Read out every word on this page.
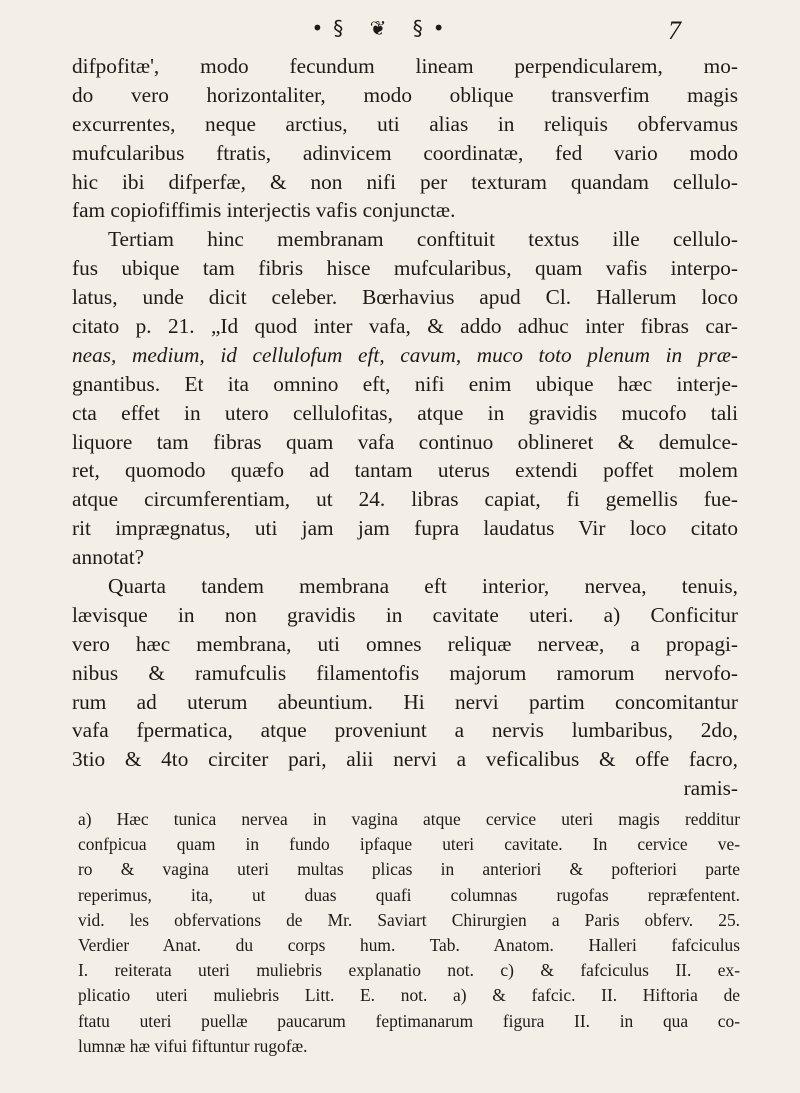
•§ ❦ §•	7
difpofitæ', modo fecundum lineam perpendicularem, mo-
do vero horizontaliter, modo oblique transverfim magis
excurrentes, neque arctius, uti alias in reliquis obfervamus
mufcularibus ftratis, adinvicem coordinatæ, fed vario modo
hic ibi difperfæ, & non nifi per texturam quandam cellulo-
fam copiofiffimis interjectis vafis conjunctæ.
Tertiam hinc membranam conftituit textus ille cellulo-
fus ubique tam fibris hisce mufcularibus, quam vafis interpo-
latus, unde dicit celeber. Bœrhavius apud Cl. Hallerum loco
citato p. 21. „Id quod inter vafa, & addo adhuc inter fibras car-
neas, medium, id cellulofum eft, cavum, muco toto plenum in præ-
gnantibus. Et ita omnino eft, nifi enim ubique hæc interje-
cta effet in utero cellulofitas, atque in gravidis mucofo tali
liquore tam fibras quam vafa continuo oblineret & demulce-
ret, quomodo quæfo ad tantam uterus extendi poffet molem
atque circumferentiam, ut 24. libras capiat, fi gemellis fue-
rit imprægnatus, uti jam jam fupra laudatus Vir loco citato
annotat?
Quarta tandem membrana eft interior, nervea, tenuis,
lævisque in non gravidis in cavitate uteri. a) Conficitur
vero hæc membrana, uti omnes reliquæ nerveæ, a propagi-
nibus & ramufculis filamentofis majorum ramorum nervofo-
rum ad uterum abeuntium. Hi nervi partim concomitantur
vafa fpermatica, atque proveniunt a nervis lumbaribus, 2do,
3tio & 4to circiter pari, alii nervi a veficalibus & offe facro,
ramis-
a) Hæc tunica nervea in vagina atque cervice uteri magis redditur
confpicua quam in fundo ipfaque uteri cavitate. In cervice ve-
ro & vagina uteri multas plicas in anteriori & pofteriori parte
reperimus, ita, ut duas quafi columnas rugofas repræfentent.
vid. les obfervations de Mr. Saviart Chirurgien a Paris obferv. 25.
Verdier Anat. du corps hum. Tab. Anatom. Halleri fafciculus
I. reiterata uteri muliebris explanatio not. c) & fafciculus II. ex-
plicatio uteri muliebris Litt. E. not. a) & fafcic. II. Hiftoria de
ftatu uteri puellæ paucarum feptimanarum figura II. in qua co-
lumnæ hæ vifui fiftuntur rugofæ.
